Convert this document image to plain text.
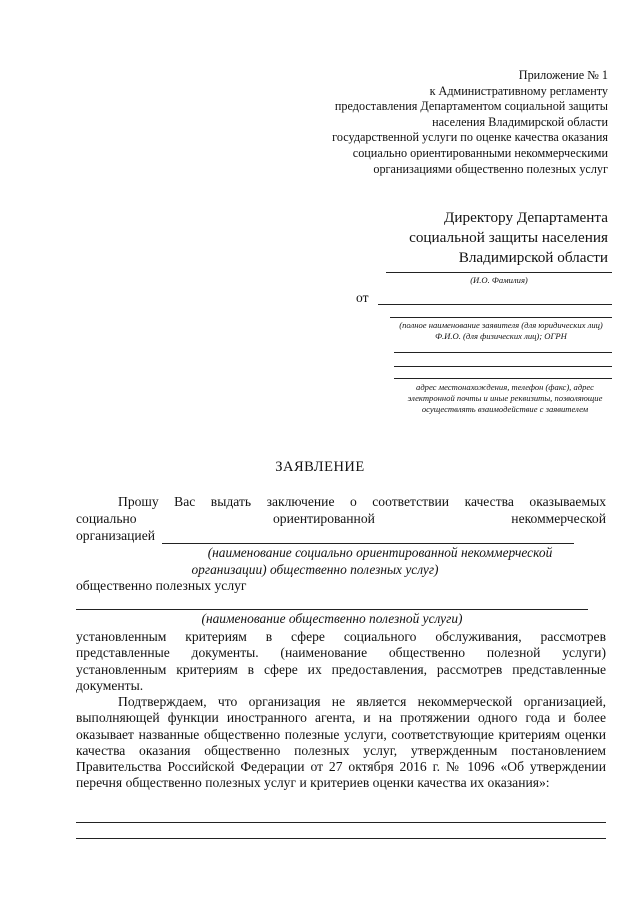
Приложение № 1
к Административному регламенту
предоставления Департаментом социальной защиты
населения Владимирской области
государственной услуги по оценке качества оказания
социально ориентированными некоммерческими
организациями общественно полезных услуг
Директору Департамента
социальной защиты населения
Владимирской области
(И.О. Фамилия)
от
(полное наименование заявителя (для юридических лиц) Ф.И.О. (для физических лиц); ОГРН
адрес местонахождения, телефон (факс), адрес электронной почты и иные реквизиты, позволяющие осуществлять взаимодействие с заявителем
ЗАЯВЛЕНИЕ
Прошу Вас выдать заключение о соответствии качества оказываемых
социально ориентированной некоммерческой
организацией
(наименование социально ориентированной некоммерческой
организации) общественно полезных услуг)
общественно полезных услуг
(наименование общественно полезной услуги)
установленным критериям в сфере социального обслуживания, рассмотрев представленные документы. (наименование общественно полезной услуги) установленным критериям в сфере их предоставления, рассмотрев представленные документы.
Подтверждаем, что организация не является некоммерческой организацией, выполняющей функции иностранного агента, и на протяжении одного года и более оказывает названные общественно полезные услуги, соответствующие критериям оценки качества оказания общественно полезных услуг, утвержденным постановлением Правительства Российской Федерации от 27 октября 2016 г. № 1096 «Об утверждении перечня общественно полезных услуг и критериев оценки качества их оказания»:
